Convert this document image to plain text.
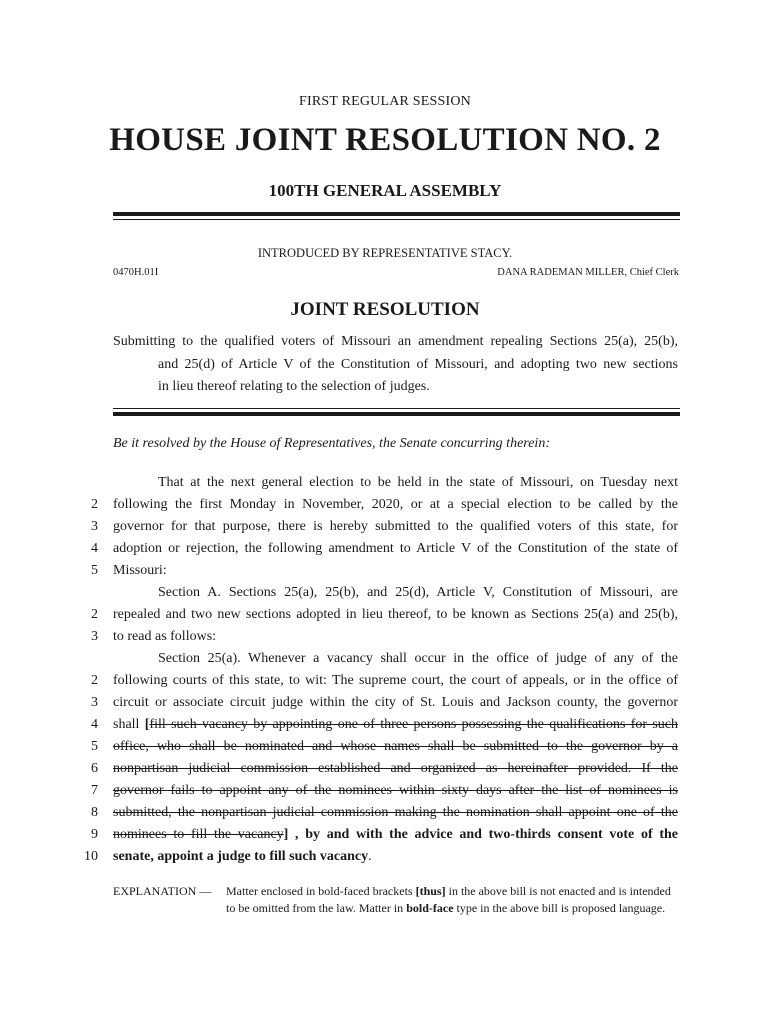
FIRST REGULAR SESSION
HOUSE JOINT RESOLUTION NO. 2
100TH GENERAL ASSEMBLY
INTRODUCED BY REPRESENTATIVE STACY.
0470H.01I	DANA RADEMAN MILLER, Chief Clerk
JOINT RESOLUTION
Submitting to the qualified voters of Missouri an amendment repealing Sections 25(a), 25(b),
and 25(d) of Article V of the Constitution of Missouri, and adopting two new sections
in lieu thereof relating to the selection of judges.
Be it resolved by the House of Representatives, the Senate concurring therein:
That at the next general election to be held in the state of Missouri, on Tuesday next
2 following the first Monday in November, 2020, or at a special election to be called by the
3 governor for that purpose, there is hereby submitted to the qualified voters of this state, for
4 adoption or rejection, the following amendment to Article V of the Constitution of the state of
5 Missouri:
Section A. Sections 25(a), 25(b), and 25(d), Article V, Constitution of Missouri, are
2 repealed and two new sections adopted in lieu thereof, to be known as Sections 25(a) and 25(b),
3 to read as follows:
Section 25(a). Whenever a vacancy shall occur in the office of judge of any of the
2 following courts of this state, to wit: The supreme court, the court of appeals, or in the office of
3 circuit or associate circuit judge within the city of St. Louis and Jackson county, the governor
4 shall [fill such vacancy by appointing one of three persons possessing the qualifications for such
5 office, who shall be nominated and whose names shall be submitted to the governor by a
6 nonpartisan judicial commission established and organized as hereinafter provided. If the
7 governor fails to appoint any of the nominees within sixty days after the list of nominees is
8 submitted, the nonpartisan judicial commission making the nomination shall appoint one of the
9 nominees to fill the vacancy] , by and with the advice and two-thirds consent vote of the
10 senate, appoint a judge to fill such vacancy.
EXPLANATION — Matter enclosed in bold-faced brackets [thus] in the above bill is not enacted and is intended
to be omitted from the law. Matter in bold-face type in the above bill is proposed language.
